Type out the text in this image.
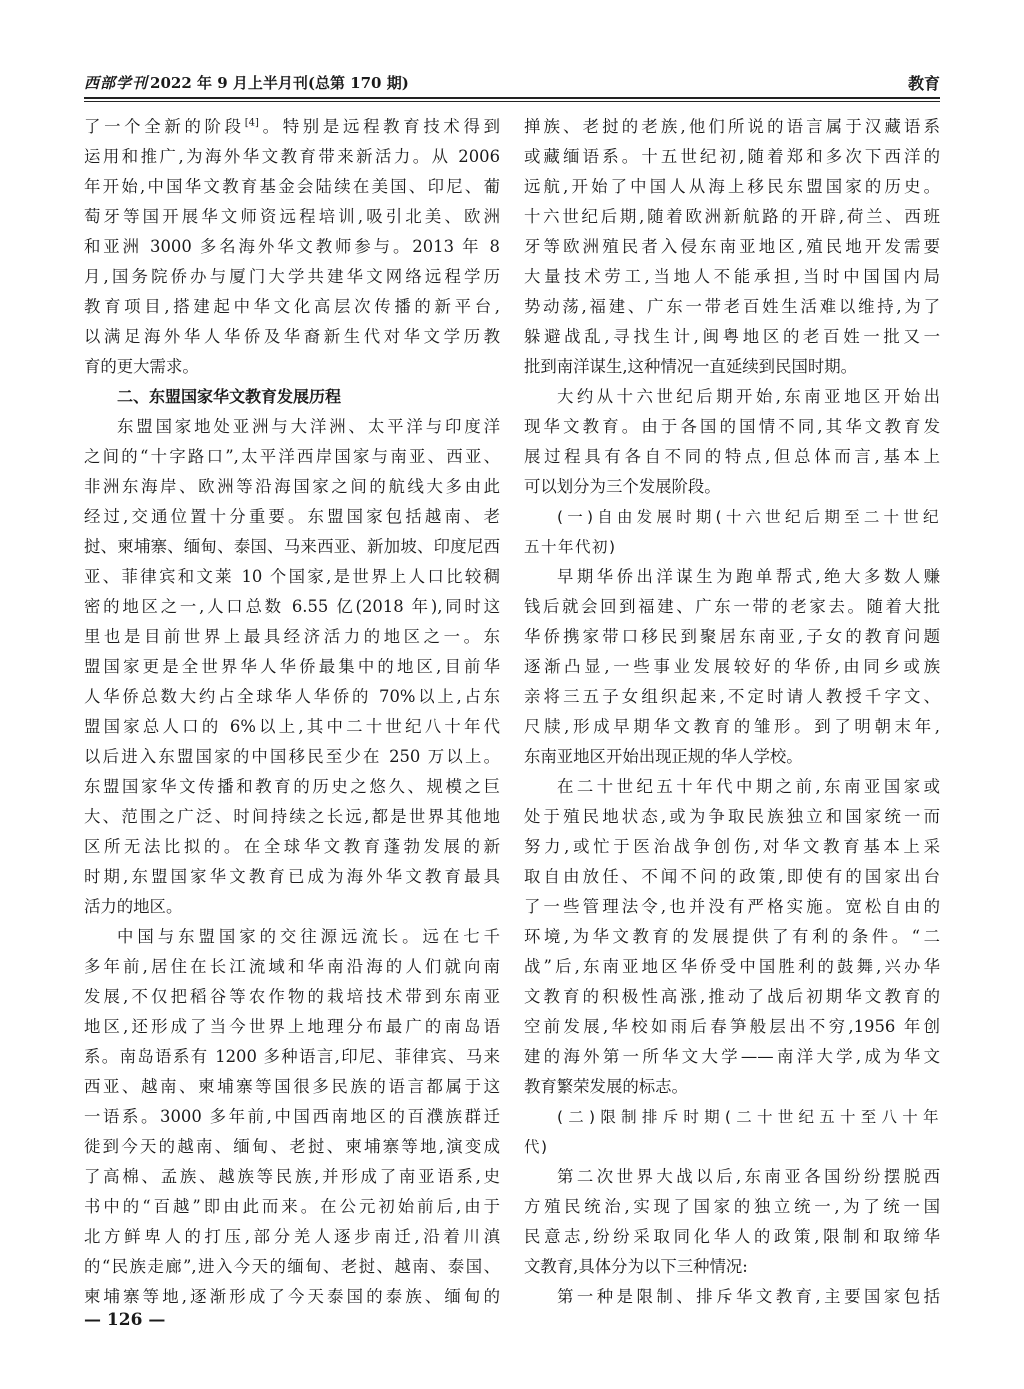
西部学刊 2022 年 9 月上半月刊(总第 170 期)	教育
了一个全新的阶段[4]。特别是远程教育技术得到
运用和推广,为海外华文教育带来新活力。从 2006
年开始,中国华文教育基金会陆续在美国、印尼、葡
萄牙等国开展华文师资远程培训,吸引北美、欧洲
和亚洲 3000 多名海外华文教师参与。2013 年 8
月,国务院侨办与厦门大学共建华文网络远程学历
教育项目,搭建起中华文化高层次传播的新平台,
以满足海外华人华侨及华裔新生代对华文学历教
育的更大需求。
二、东盟国家华文教育发展历程
东盟国家地处亚洲与大洋洲、太平洋与印度洋
之间的“十字路口”,太平洋西岸国家与南亚、西亚、
非洲东海岸、欧洲等沿海国家之间的航线大多由此
经过,交通位置十分重要。东盟国家包括越南、老
挝、柬埔寨、缅甸、泰国、马来西亚、新加坡、印度尼西
亚、菲律宾和文莱 10 个国家,是世界上人口比较稠
密的地区之一,人口总数 6.55 亿(2018 年),同时这
里也是目前世界上最具经济活力的地区之一。东
盟国家更是全世界华人华侨最集中的地区,目前华
人华侨总数大约占全球华人华侨的 70%以上,占东
盟国家总人口的 6%以上,其中二十世纪八十年代
以后进入东盟国家的中国移民至少在 250 万以上。
东盟国家华文传播和教育的历史之悠久、规模之巨
大、范围之广泛、时间持续之长远,都是世界其他地
区所无法比拟的。在全球华文教育蓬勃发展的新
时期,东盟国家华文教育已成为海外华文教育最具
活力的地区。
中国与东盟国家的交往源远流长。远在七千
多年前,居住在长江流域和华南沿海的人们就向南
发展,不仅把稻谷等农作物的栽培技术带到东南亚
地区,还形成了当今世界上地理分布最广的南岛语
系。南岛语系有 1200 多种语言,印尼、菲律宾、马来
西亚、越南、柬埔寨等国很多民族的语言都属于这
一语系。3000 多年前,中国西南地区的百濮族群迁
徙到今天的越南、缅甸、老挝、柬埔寨等地,演变成
了高棉、孟族、越族等民族,并形成了南亚语系,史
书中的“百越”即由此而来。在公元初始前后,由于
北方鲜卑人的打压,部分羌人逐步南迁,沿着川滇
的“民族走廊”,进入今天的缅甸、老挝、越南、泰国、
柬埔寨等地,逐渐形成了今天泰国的泰族、缅甸的
掸族、老挝的老族,他们所说的语言属于汉藏语系
或藏缅语系。十五世纪初,随着郑和多次下西洋的
远航,开始了中国人从海上移民东盟国家的历史。
十六世纪后期,随着欧洲新航路的开辟,荷兰、西班
牙等欧洲殖民者入侵东南亚地区,殖民地开发需要
大量技术劳工,当地人不能承担,当时中国国内局
势动荡,福建、广东一带老百姓生活难以维持,为了
躲避战乱,寻找生计,闽粤地区的老百姓一批又一
批到南洋谋生,这种情况一直延续到民国时期。
大约从十六世纪后期开始,东南亚地区开始出
现华文教育。由于各国的国情不同,其华文教育发
展过程具有各自不同的特点,但总体而言,基本上
可以划分为三个发展阶段。
(一)自由发展时期(十六世纪后期至二十世纪
五十年代初)
早期华侨出洋谋生为跑单帮式,绝大多数人赚
钱后就会回到福建、广东一带的老家去。随着大批
华侨携家带口移民到聚居东南亚,子女的教育问题
逐渐凸显,一些事业发展较好的华侨,由同乡或族
亲将三五子女组织起来,不定时请人教授千字文、
尺牍,形成早期华文教育的雏形。到了明朝末年,
东南亚地区开始出现正规的华人学校。
在二十世纪五十年代中期之前,东南亚国家或
处于殖民地状态,或为争取民族独立和国家统一而
努力,或忙于医治战争创伤,对华文教育基本上采
取自由放任、不闻不问的政策,即使有的国家出台
了一些管理法令,也并没有严格实施。宽松自由的
环境,为华文教育的发展提供了有利的条件。“二
战”后,东南亚地区华侨受中国胜利的鼓舞,兴办华
文教育的积极性高涨,推动了战后初期华文教育的
空前发展,华校如雨后春笋般层出不穷,1956 年创
建的海外第一所华文大学——南洋大学,成为华文
教育繁荣发展的标志。
(二)限制排斥时期(二十世纪五十至八十年
代)
第二次世界大战以后,东南亚各国纷纷摆脱西
方殖民统治,实现了国家的独立统一,为了统一国
民意志,纷纷采取同化华人的政策,限制和取缔华
文教育,具体分为以下三种情况:
第一种是限制、排斥华文教育,主要国家包括
— 126 —
